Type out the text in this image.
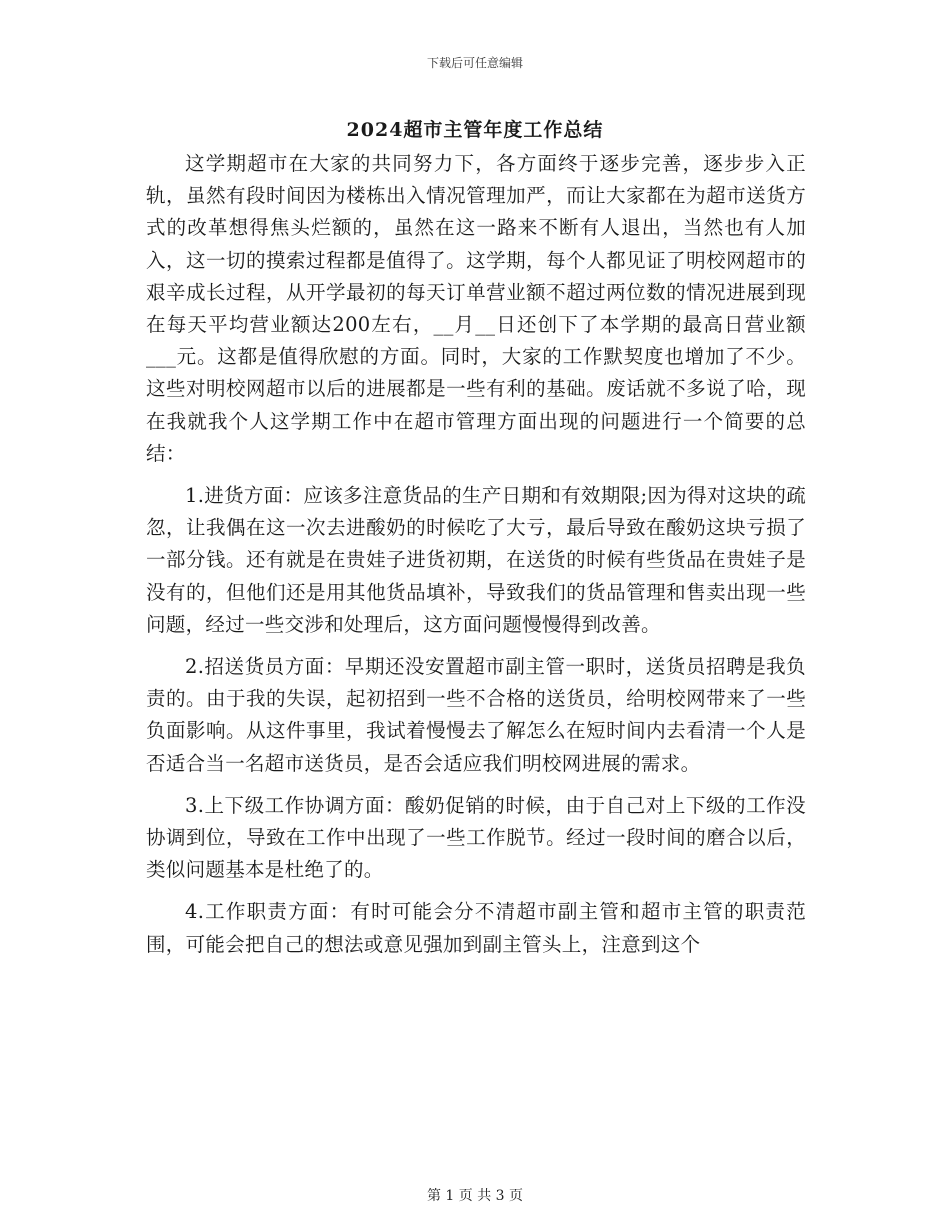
下载后可任意编辑
2024超市主管年度工作总结

这学期超市在大家的共同努力下，各方面终于逐步完善，逐步步入正轨，虽然有段时间因为楼栋出入情况管理加严，而让大家都在为超市送货方式的改革想得焦头烂额的，虽然在这一路来不断有人退出，当然也有人加入，这一切的摸索过程都是值得了。这学期，每个人都见证了明校网超市的艰辛成长过程，从开学最初的每天订单营业额不超过两位数的情况进展到现在每天平均营业额达200左右，__月__日还创下了本学期的最高日营业额___元。这都是值得欣慰的方面。同时，大家的工作默契度也增加了不少。这些对明校网超市以后的进展都是一些有利的基础。废话就不多说了哈，现在我就我个人这学期工作中在超市管理方面出现的问题进行一个简要的总结：

1.进货方面：应该多注意货品的生产日期和有效期限;因为得对这块的疏忽，让我偶在这一次去进酸奶的时候吃了大亏，最后导致在酸奶这块亏损了一部分钱。还有就是在贵娃子进货初期，在送货的时候有些货品在贵娃子是没有的，但他们还是用其他货品填补，导致我们的货品管理和售卖出现一些问题，经过一些交涉和处理后，这方面问题慢慢得到改善。

2.招送货员方面：早期还没安置超市副主管一职时，送货员招聘是我负责的。由于我的失误，起初招到一些不合格的送货员，给明校网带来了一些负面影响。从这件事里，我试着慢慢去了解怎么在短时间内去看清一个人是否适合当一名超市送货员，是否会适应我们明校网进展的需求。

3.上下级工作协调方面：酸奶促销的时候，由于自己对上下级的工作没协调到位，导致在工作中出现了一些工作脱节。经过一段时间的磨合以后，类似问题基本是杜绝了的。

4.工作职责方面：有时可能会分不清超市副主管和超市主管的职责范围，可能会把自己的想法或意见强加到副主管头上，注意到这个

第 1 页 共 3 页
